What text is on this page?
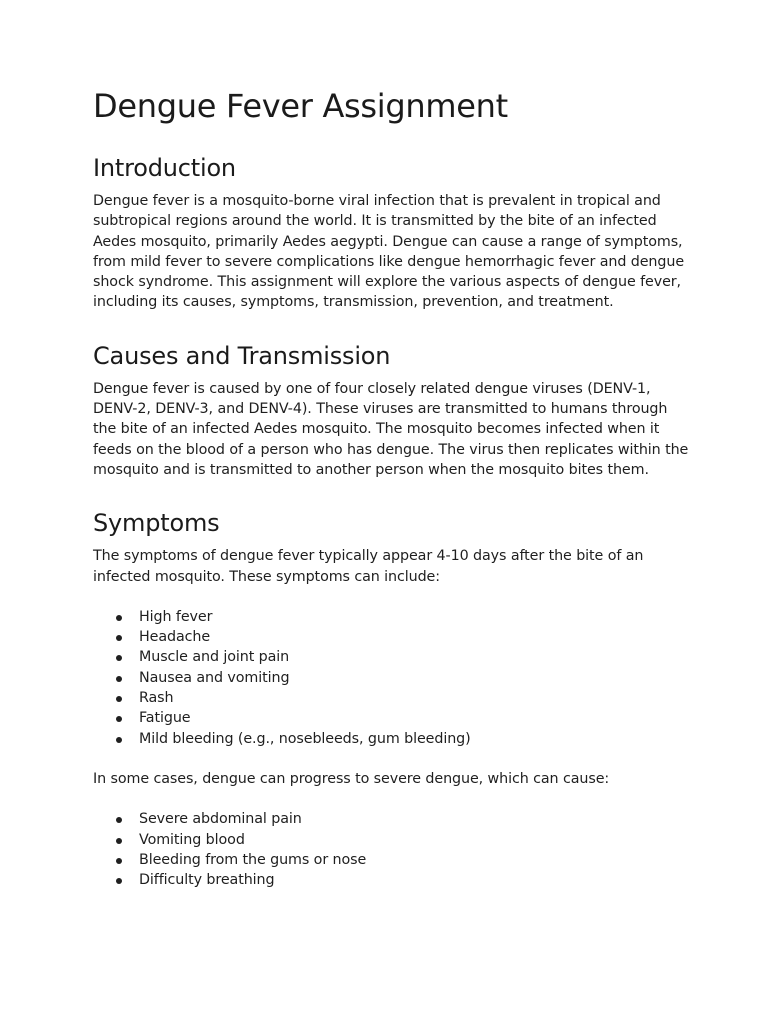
Dengue Fever Assignment
Introduction

Dengue fever is a mosquito-borne viral infection that is prevalent in tropical and subtropical regions around the world. It is transmitted by the bite of an infected Aedes mosquito, primarily Aedes aegypti. Dengue can cause a range of symptoms, from mild fever to severe complications like dengue hemorrhagic fever and dengue shock syndrome. This assignment will explore the various aspects of dengue fever, including its causes, symptoms, transmission, prevention, and treatment.

Causes and Transmission

Dengue fever is caused by one of four closely related dengue viruses (DENV-1, DENV-2, DENV-3, and DENV-4). These viruses are transmitted to humans through the bite of an infected Aedes mosquito. The mosquito becomes infected when it feeds on the blood of a person who has dengue. The virus then replicates within the mosquito and is transmitted to another person when the mosquito bites them.

Symptoms

The symptoms of dengue fever typically appear 4-10 days after the bite of an infected mosquito. These symptoms can include:

High fever
Headache
Muscle and joint pain
Nausea and vomiting
Rash
Fatigue
Mild bleeding (e.g., nosebleeds, gum bleeding)

In some cases, dengue can progress to severe dengue, which can cause:

Severe abdominal pain
Vomiting blood
Bleeding from the gums or nose
Difficulty breathing
